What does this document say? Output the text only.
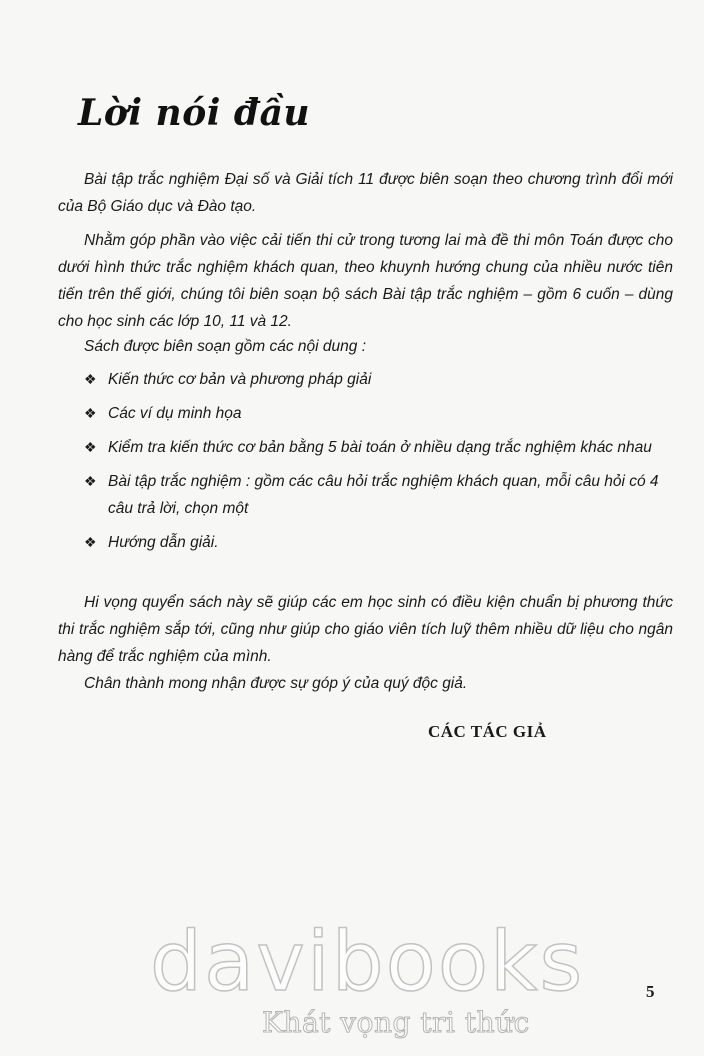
Lời nói đầu

Bài tập trắc nghiệm Đại số và Giải tích 11 được biên soạn theo chương trình đổi mới của Bộ Giáo dục và Đào tạo.

Nhằm góp phần vào việc cải tiến thi cử trong tương lai mà đề thi môn Toán được cho dưới hình thức trắc nghiệm khách quan, theo khuynh hướng chung của nhiều nước tiên tiến trên thế giới, chúng tôi biên soạn bộ sách Bài tập trắc nghiệm – gồm 6 cuốn – dùng cho học sinh các lớp 10, 11 và 12.

Sách được biên soạn gồm các nội dung :

❖ Kiến thức cơ bản và phương pháp giải
❖ Các ví dụ minh họa
❖ Kiểm tra kiến thức cơ bản bằng 5 bài toán ở nhiều dạng trắc nghiệm khác nhau
❖ Bài tập trắc nghiệm : gồm các câu hỏi trắc nghiệm khách quan, mỗi câu hỏi có 4 câu trả lời, chọn một
❖ Hướng dẫn giải.

Hi vọng quyển sách này sẽ giúp các em học sinh có điều kiện chuẩn bị phương thức thi trắc nghiệm sắp tới, cũng như giúp cho giáo viên tích luỹ thêm nhiều dữ liệu cho ngân hàng để trắc nghiệm của mình.

Chân thành mong nhận được sự góp ý của quý độc giả.

CÁC TÁC GIẢ
davibooks
Khát vọng tri thức
5
